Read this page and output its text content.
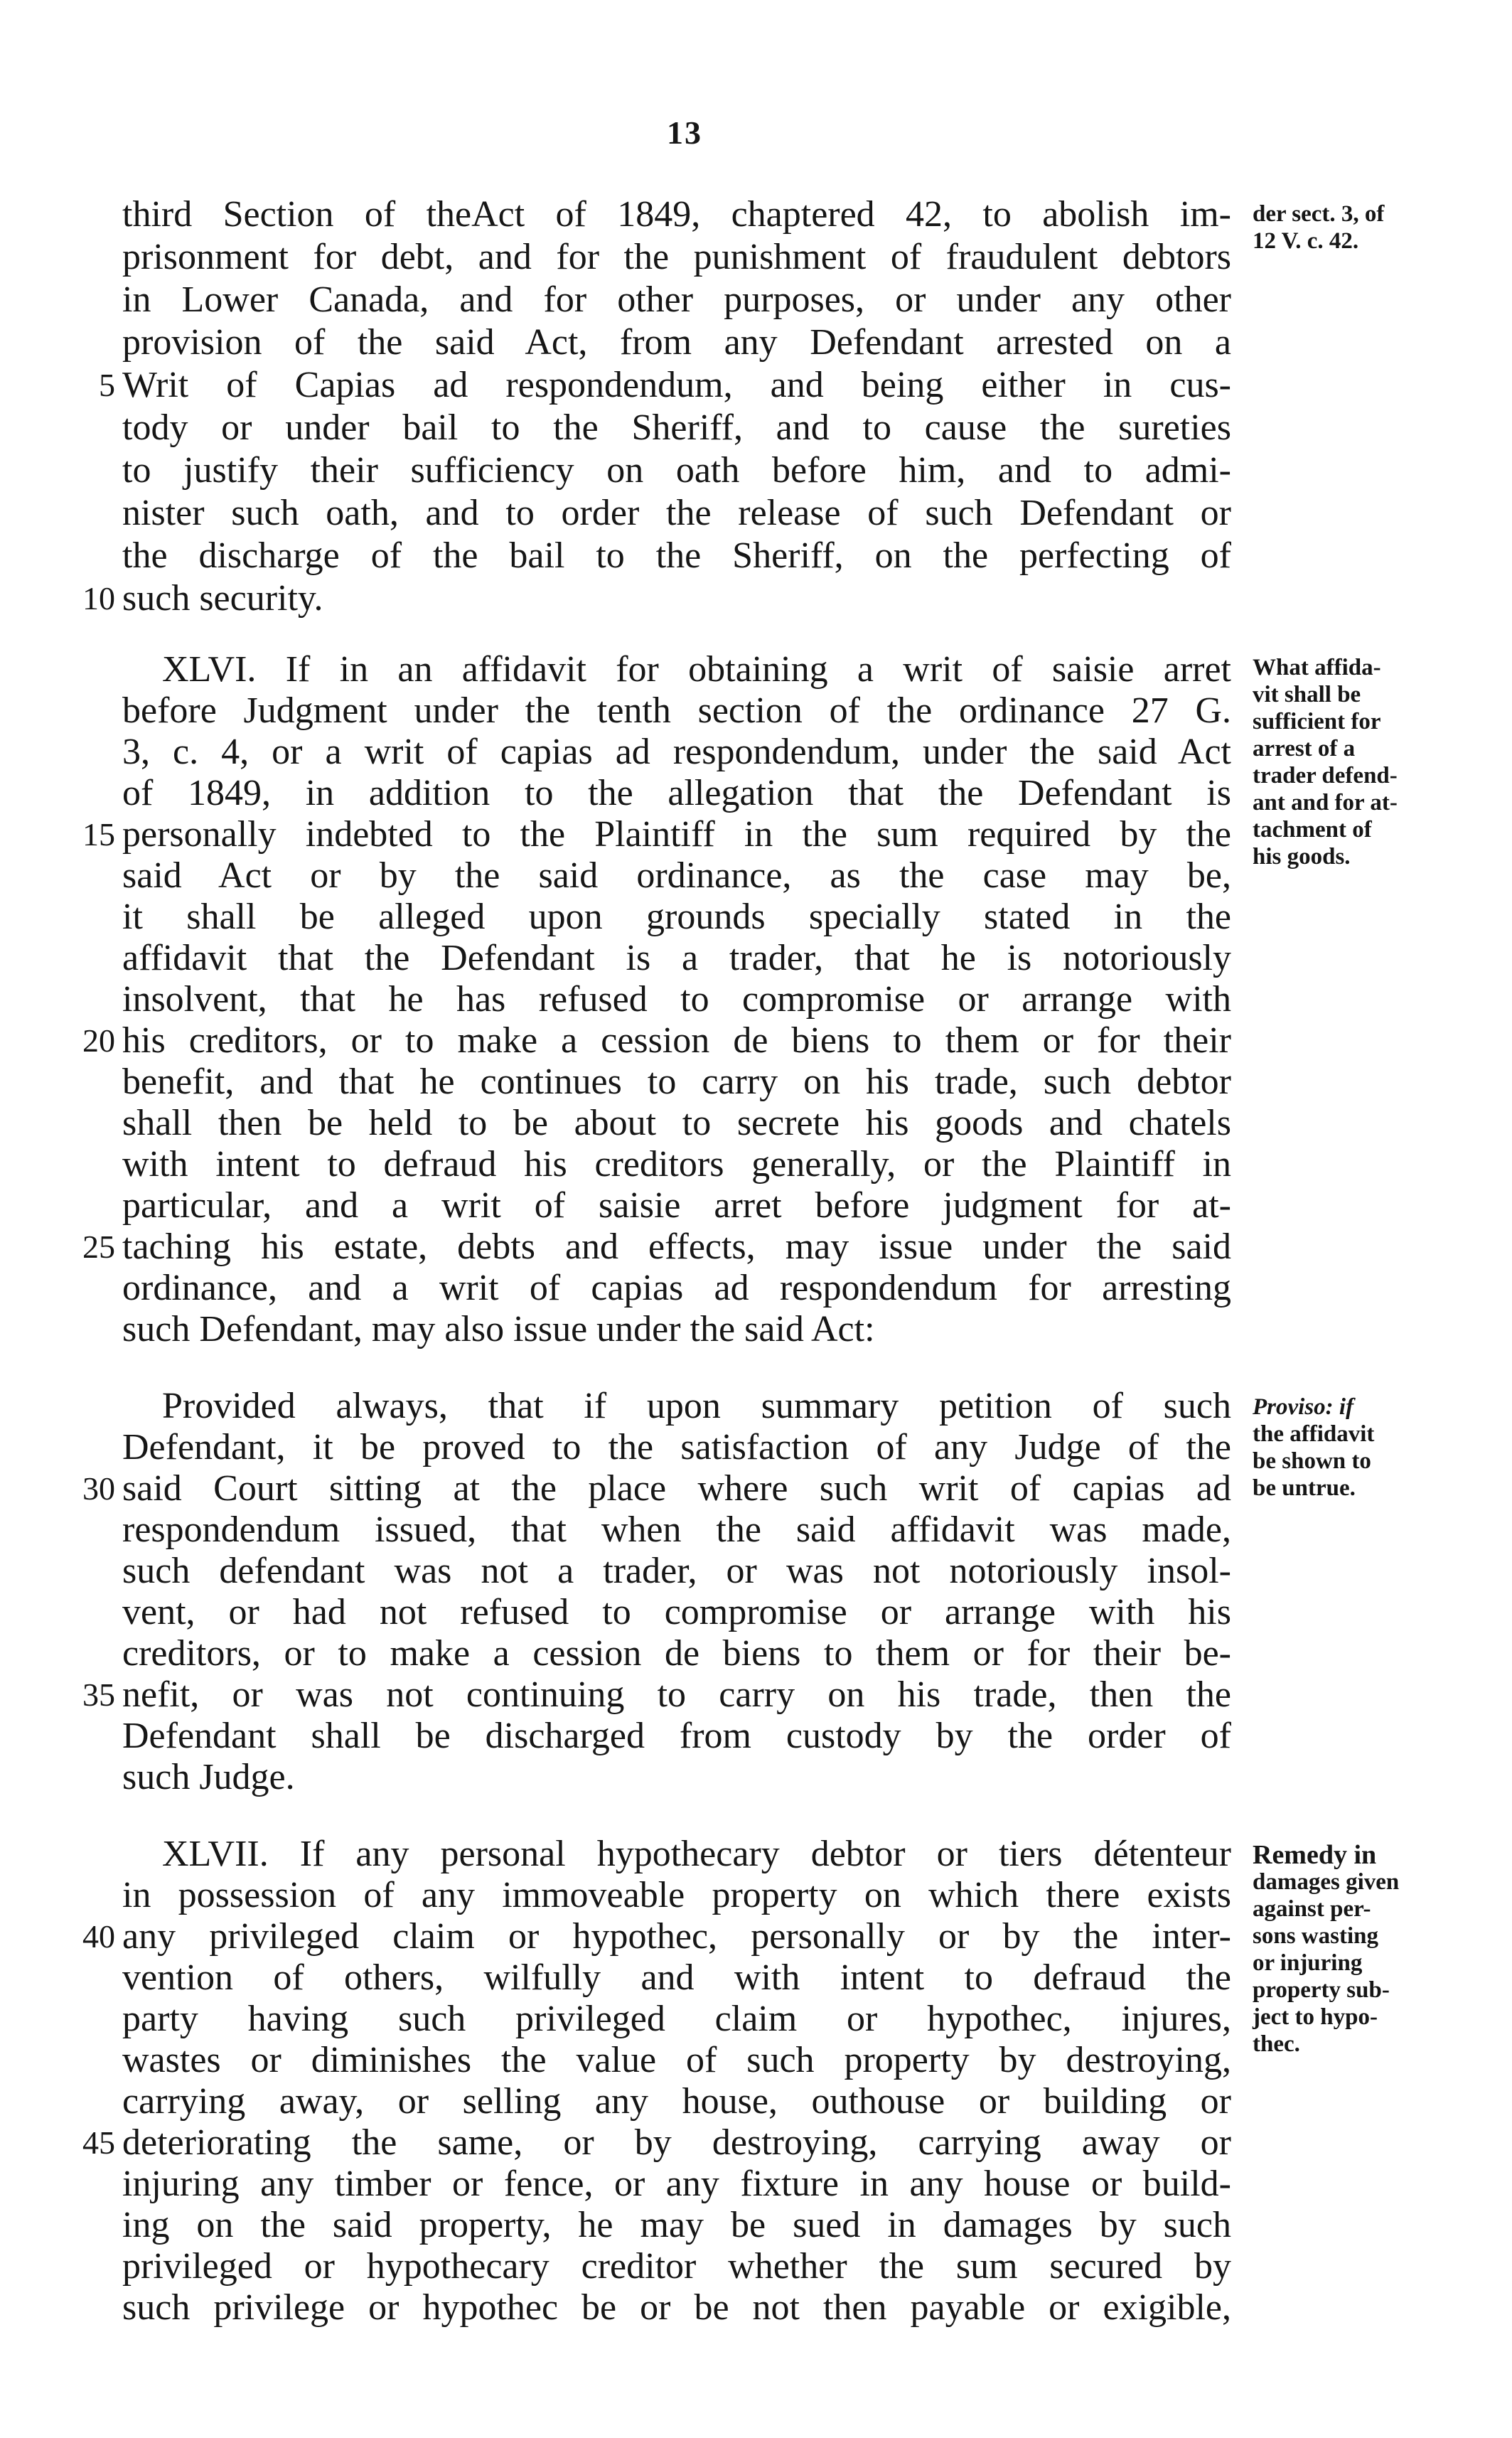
13
third Section of theAct of 1849, chaptered 42, to abolish im-
prisonment for debt, and for the punishment of fraudulent debtors
in Lower Canada, and for other purposes, or under any other
provision of the said Act, from any Defendant arrested on a
Writ of Capias ad respondendum, and being either in cus-
tody or under bail to the Sheriff, and to cause the sureties
to justify their sufficiency on oath before him, and to admi-
nister such oath, and to order the release of such Defendant or
the discharge of the bail to the Sheriff, on the perfecting of
such security.
XLVI. If in an affidavit for obtaining a writ of saisie arret
before Judgment under the tenth section of the ordinance 27 G.
3, c. 4, or a writ of capias ad respondendum, under the said Act
of 1849, in addition to the allegation that the Defendant is
personally indebted to the Plaintiff in the sum required by the
said Act or by the said ordinance, as the case may be,
it shall be alleged upon grounds specially stated in the
affidavit that the Defendant is a trader, that he is notoriously
insolvent, that he has refused to compromise or arrange with
his creditors, or to make a cession de biens to them or for their
benefit, and that he continues to carry on his trade, such debtor
shall then be held to be about to secrete his goods and chatels
with intent to defraud his creditors generally, or the Plaintiff in
particular, and a writ of saisie arret before judgment for at-
taching his estate, debts and effects, may issue under the said
ordinance, and a writ of capias ad respondendum for arresting
such Defendant, may also issue under the said Act:
Provided always, that if upon summary petition of such
Defendant, it be proved to the satisfaction of any Judge of the
said Court sitting at the place where such writ of capias ad
respondendum issued, that when the said affidavit was made,
such defendant was not a trader, or was not notoriously insol-
vent, or had not refused to compromise or arrange with his
creditors, or to make a cession de biens to them or for their be-
nefit, or was not continuing to carry on his trade, then the
Defendant shall be discharged from custody by the order of
such Judge.
XLVII. If any personal hypothecary debtor or tiers détenteur
in possession of any immoveable property on which there exists
any privileged claim or hypothec, personally or by the inter-
vention of others, wilfully and with intent to defraud the
party having such privileged claim or hypothec, injures,
wastes or diminishes the value of such property by destroying,
carrying away, or selling any house, outhouse or building or
deteriorating the same, or by destroying, carrying away or
injuring any timber or fence, or any fixture in any house or build-
ing on the said property, he may be sued in damages by such
privileged or hypothecary creditor whether the sum secured by
such privilege or hypothec be or be not then payable or exigible,
5
10
15
20
25
30
35
40
45
der sect. 3, of
12 V. c. 42.
What affida-
vit shall be
sufficient for
arrest of a
trader defend-
ant and for at-
tachment of
his goods.
Proviso: if
the affidavit
be shown to
be untrue.
Remedy in
damages given
against per-
sons wasting
or injuring
property sub-
ject to hypo-
thec.
